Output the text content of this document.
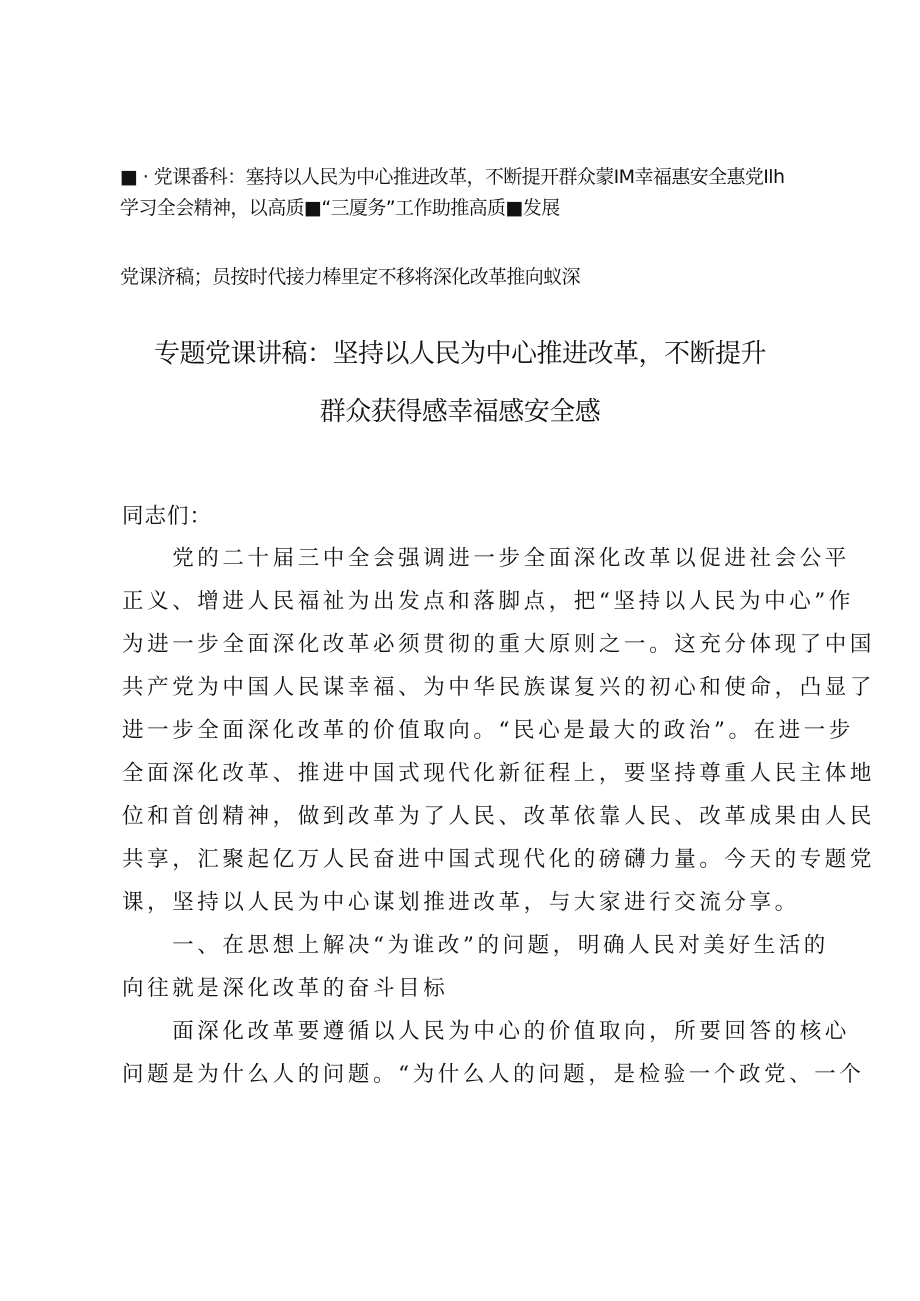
■ · 党课番科：塞持以人民为中心推进改革，不断提开群众蒙IM幸福惠安全惠党Ilh
学习全会精神，以高质■“三厦务”工作助推高质■发展
党课济稿；员按时代接力棒里定不移将深化改革推向蚁深
专题党课讲稿：坚持以人民为中心推进改革，不断提升
群众获得感幸福感安全感
同志们：
　　党的二十届三中全会强调进一步全面深化改革以促进社会公平
正义、增进人民福祉为出发点和落脚点，把“坚持以人民为中心”作
为进一步全面深化改革必须贯彻的重大原则之一。这充分体现了中国
共产党为中国人民谋幸福、为中华民族谋复兴的初心和使命，凸显了
进一步全面深化改革的价值取向。“民心是最大的政治”。在进一步
全面深化改革、推进中国式现代化新征程上，要坚持尊重人民主体地
位和首创精神，做到改革为了人民、改革依靠人民、改革成果由人民
共享，汇聚起亿万人民奋进中国式现代化的磅礴力量。今天的专题党
课，坚持以人民为中心谋划推进改革，与大家进行交流分享。
　　一、在思想上解决“为谁改”的问题，明确人民对美好生活的
向往就是深化改革的奋斗目标
　　面深化改革要遵循以人民为中心的价值取向，所要回答的核心
问题是为什么人的问题。“为什么人的问题，是检验一个政党、一个
